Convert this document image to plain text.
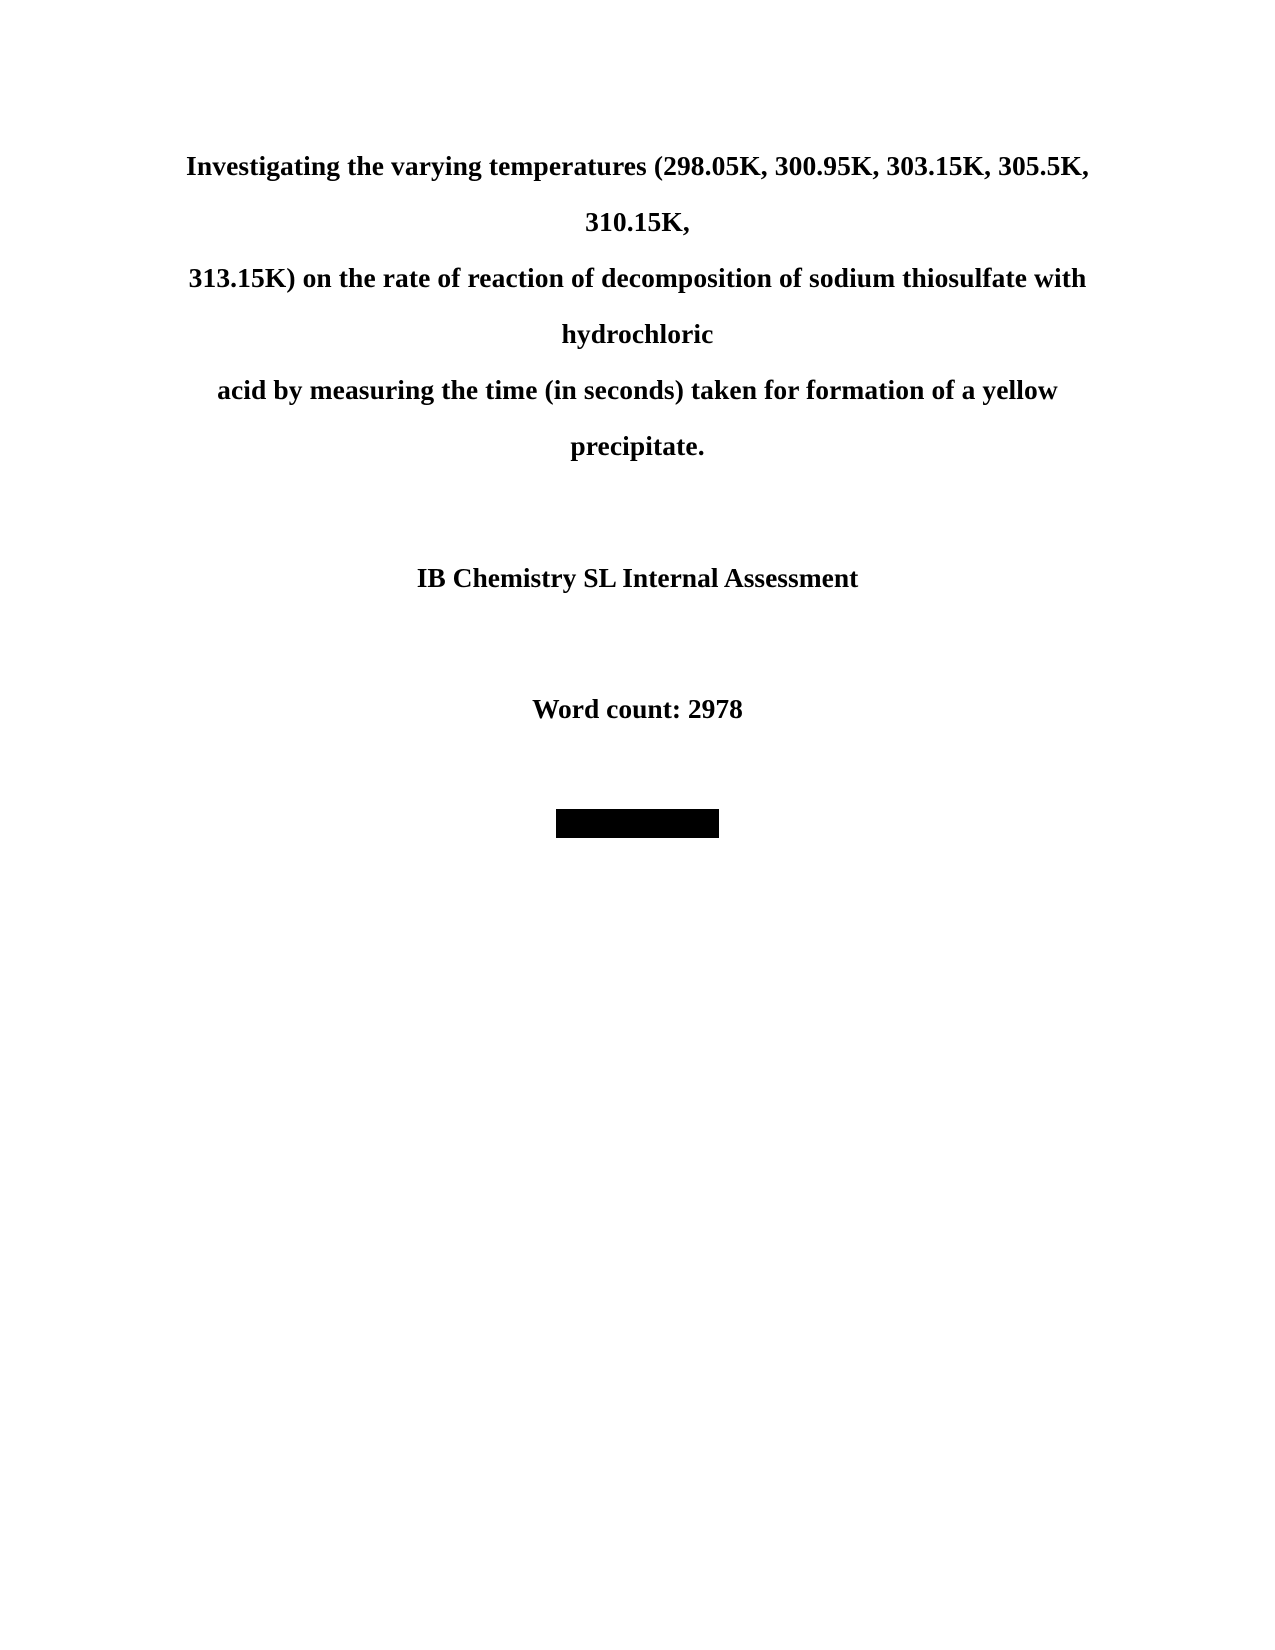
Investigating the varying temperatures (298.05K, 300.95K, 303.15K, 305.5K, 310.15K,
313.15K) on the rate of reaction of decomposition of sodium thiosulfate with hydrochloric
acid by measuring the time (in seconds) taken for formation of a yellow precipitate.
IB Chemistry SL Internal Assessment
Word count: 2978
